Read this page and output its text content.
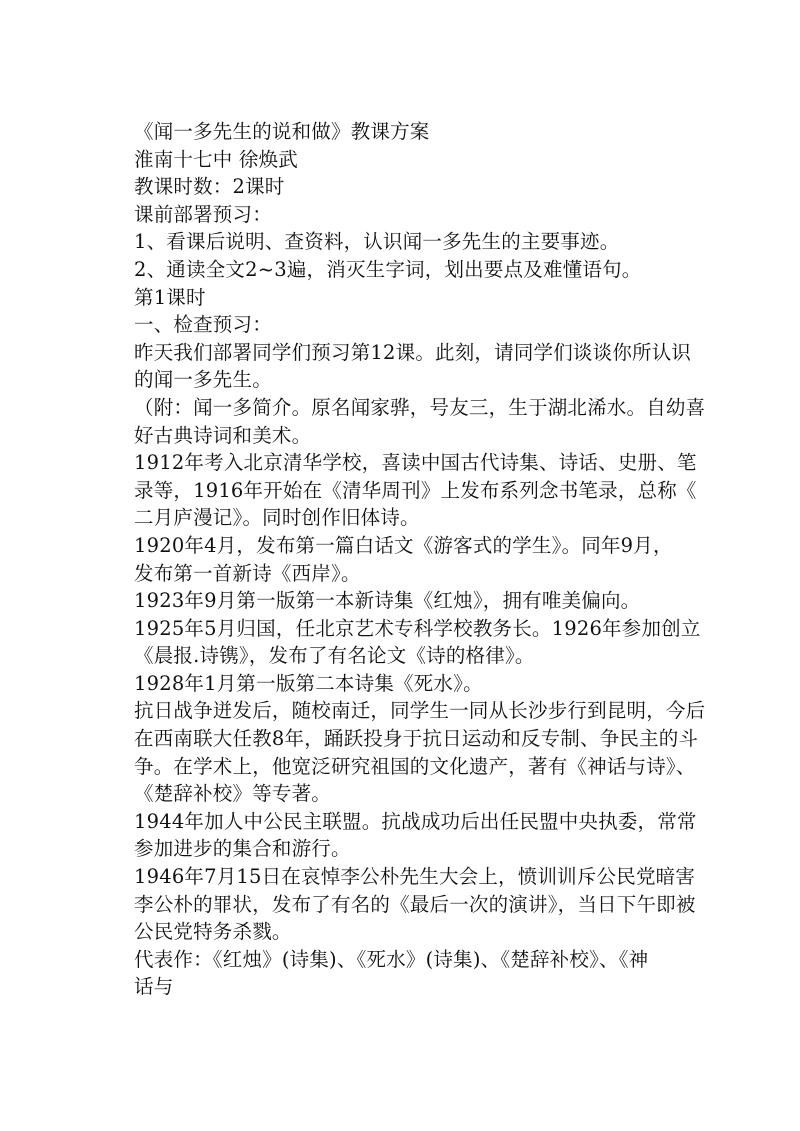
《闻一多先生的说和做》教课方案
淮南十七中 徐焕武
教课时数：2课时
课前部署预习：
1、看课后说明、查资料，认识闻一多先生的主要事迹。
2、通读全文2~3遍，消灭生字词，划出要点及难懂语句。
第1课时
一、检查预习：
昨天我们部署同学们预习第12课。此刻，请同学们谈谈你所认识
的闻一多先生。
（附：闻一多简介。原名闻家骅，号友三，生于湖北浠水。自幼喜
好古典诗词和美术。
1912年考入北京清华学校，喜读中国古代诗集、诗话、史册、笔
录等，1916年开始在《清华周刊》上发布系列念书笔录，总称《
二月庐漫记》。同时创作旧体诗。
1920年4月，发布第一篇白话文《游客式的学生》。同年9月，
发布第一首新诗《西岸》。
1923年9月第一版第一本新诗集《红烛》，拥有唯美偏向。
1925年5月归国，任北京艺术专科学校教务长。1926年参加创立
《晨报.诗镌》，发布了有名论文《诗的格律》。
1928年1月第一版第二本诗集《死水》。
抗日战争迸发后，随校南迁，同学生一同从长沙步行到昆明，今后
在西南联大任教8年，踊跃投身于抗日运动和反专制、争民主的斗
争。在学术上，他宽泛研究祖国的文化遗产，著有《神话与诗》、
《楚辞补校》等专著。
1944年加人中公民主联盟。抗战成功后出任民盟中央执委，常常
参加进步的集合和游行。
1946年7月15日在哀悼李公朴先生大会上，愤训训斥公民党暗害
李公朴的罪状，发布了有名的《最后一次的演讲》，当日下午即被
公民党特务杀戮。
代表作：《红烛》(诗集)、《死水》(诗集)、《楚辞补校》、《神
话与
